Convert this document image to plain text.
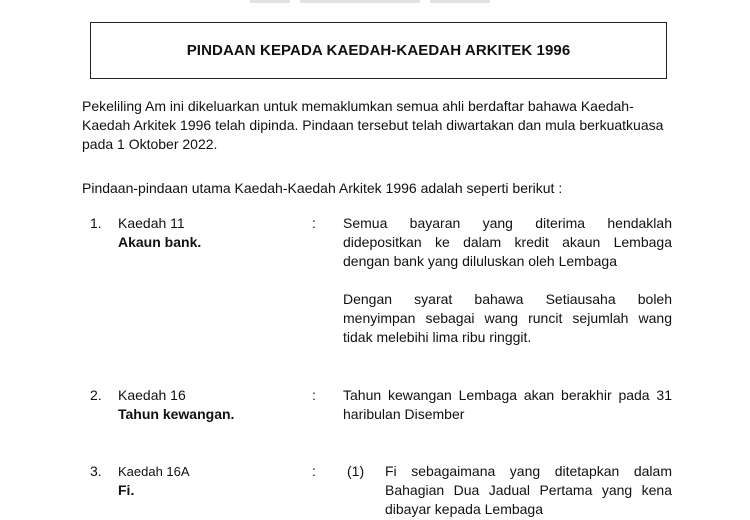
PINDAAN KEPADA KAEDAH-KAEDAH ARKITEK 1996
Pekeliling Am ini dikeluarkan untuk memaklumkan semua ahli berdaftar bahawa Kaedah-Kaedah Arkitek 1996 telah dipinda. Pindaan tersebut telah diwartakan dan mula berkuatkuasa pada 1 Oktober 2022.
Pindaan-pindaan utama Kaedah-Kaedah Arkitek 1996 adalah seperti berikut :
1. Kaedah 11
Akaun bank.
: Semua bayaran yang diterima hendaklah didepositkan ke dalam kredit akaun Lembaga dengan bank yang diluluskan oleh Lembaga

Dengan syarat bahawa Setiausaha boleh menyimpan sebagai wang runcit sejumlah wang tidak melebihi lima ribu ringgit.

2. Kaedah 16
Tahun kewangan.
: Tahun kewangan Lembaga akan berakhir pada 31 haribulan Disember

3. Kaedah 16A
Fi.
: (1) Fi sebagaimana yang ditetapkan dalam Bahagian Dua Jadual Pertama yang kena dibayar kepada Lembaga
